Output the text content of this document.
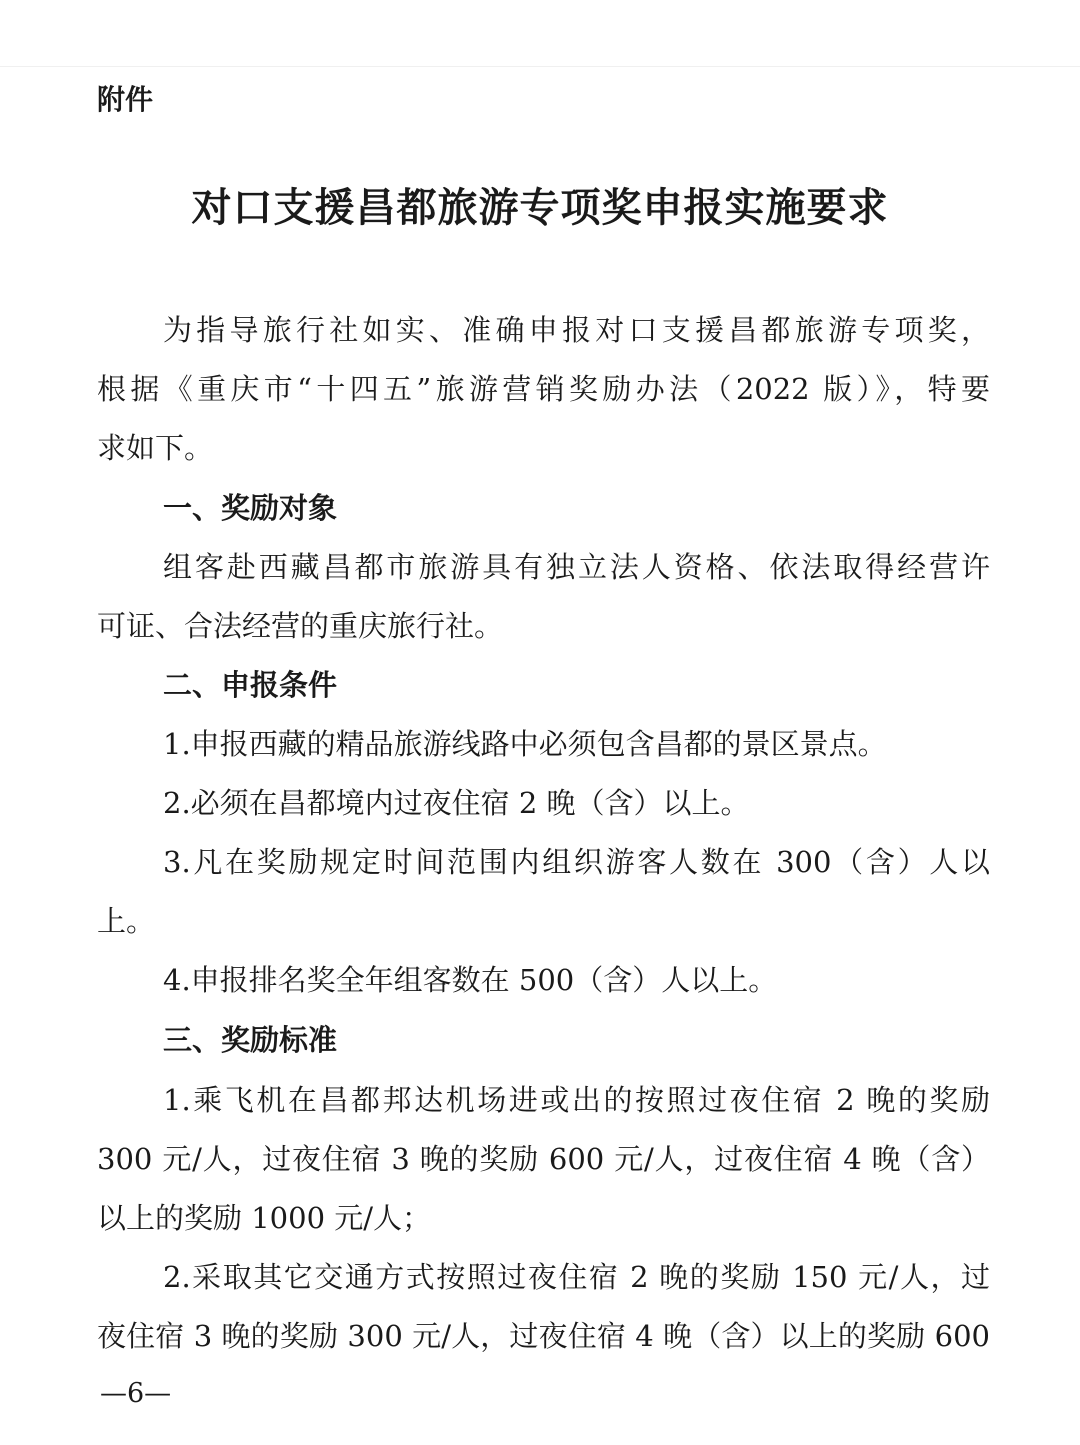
附件
对口支援昌都旅游专项奖申报实施要求
为指导旅行社如实、准确申报对口支援昌都旅游专项奖，
根据《重庆市“十四五”旅游营销奖励办法（2022 版）》，特要
求如下。
一、奖励对象
组客赴西藏昌都市旅游具有独立法人资格、依法取得经营许
可证、合法经营的重庆旅行社。
二、申报条件
1.申报西藏的精品旅游线路中必须包含昌都的景区景点。
2.必须在昌都境内过夜住宿 2 晚（含）以上。
3.凡在奖励规定时间范围内组织游客人数在 300（含）人以
上。
4.申报排名奖全年组客数在 500（含）人以上。
三、奖励标准
1.乘飞机在昌都邦达机场进或出的按照过夜住宿 2 晚的奖励
300 元/人，过夜住宿 3 晚的奖励 600 元/人，过夜住宿 4 晚（含）
以上的奖励 1000 元/人；
2.采取其它交通方式按照过夜住宿 2 晚的奖励 150 元/人，过
夜住宿 3 晚的奖励 300 元/人，过夜住宿 4 晚（含）以上的奖励 600
—6—
